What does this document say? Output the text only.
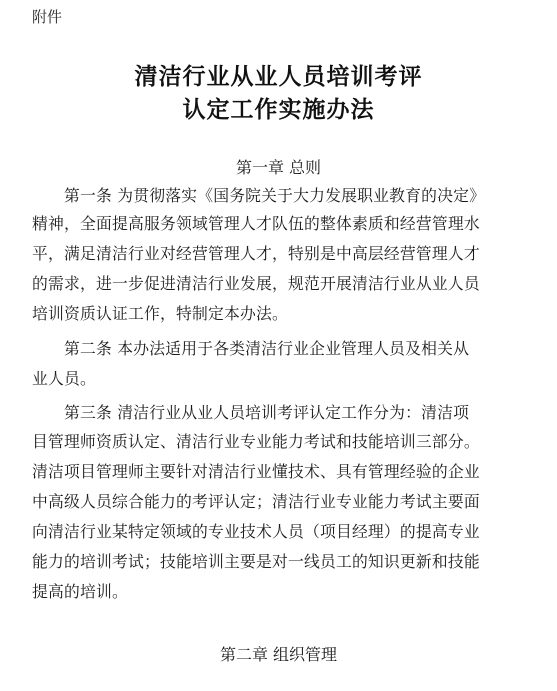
附件
清洁行业从业人员培训考评
认定工作实施办法
第一章 总则
第一条 为贯彻落实《国务院关于大力发展职业教育的决定》
精神，全面提高服务领域管理人才队伍的整体素质和经营管理水
平，满足清洁行业对经营管理人才，特别是中高层经营管理人才
的需求，进一步促进清洁行业发展，规范开展清洁行业从业人员
培训资质认证工作，特制定本办法。
第二条 本办法适用于各类清洁行业企业管理人员及相关从
业人员。
第三条 清洁行业从业人员培训考评认定工作分为：清洁项
目管理师资质认定、清洁行业专业能力考试和技能培训三部分。
清洁项目管理师主要针对清洁行业懂技术、具有管理经验的企业
中高级人员综合能力的考评认定；清洁行业专业能力考试主要面
向清洁行业某特定领域的专业技术人员（项目经理）的提高专业
能力的培训考试；技能培训主要是对一线员工的知识更新和技能
提高的培训。
第二章 组织管理
